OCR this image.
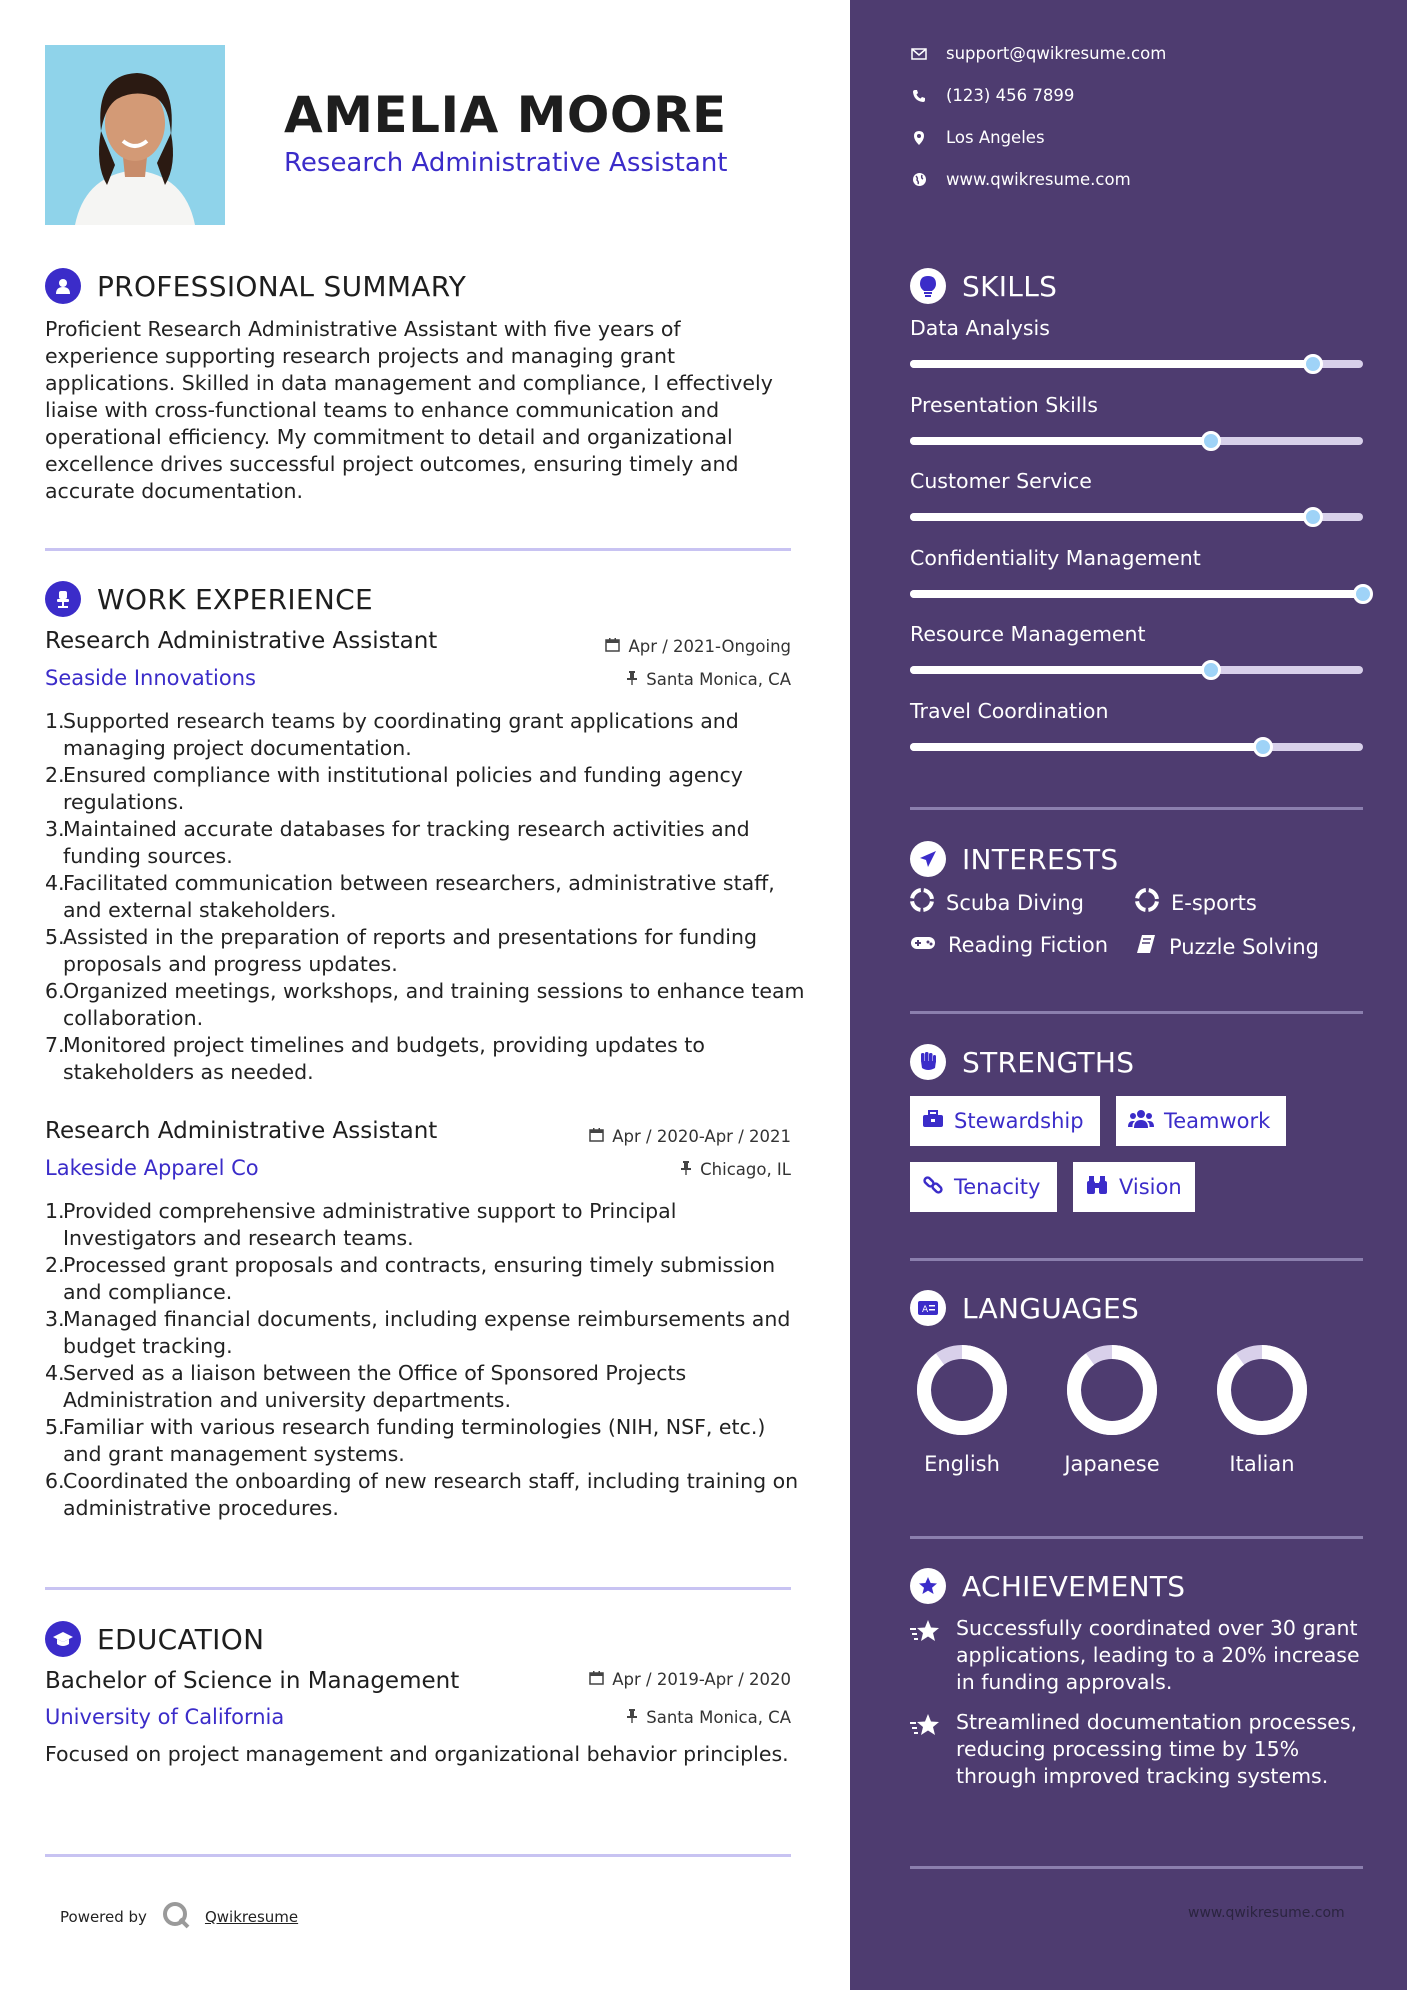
AMELIA MOORE
Research Administrative Assistant
PROFESSIONAL SUMMARY
Proficient Research Administrative Assistant with five years of experience supporting research projects and managing grant applications. Skilled in data management and compliance, I effectively liaise with cross-functional teams to enhance communication and operational efficiency. My commitment to detail and organizational excellence drives successful project outcomes, ensuring timely and accurate documentation.
WORK EXPERIENCE
Research Administrative Assistant	Apr / 2021-Ongoing
Seaside Innovations	Santa Monica, CA
1.
Supported research teams by coordinating grant applications and managing project documentation.
2.
Ensured compliance with institutional policies and funding agency regulations.
3.
Maintained accurate databases for tracking research activities and funding sources.
4.
Facilitated communication between researchers, administrative staff, and external stakeholders.
5.
Assisted in the preparation of reports and presentations for funding proposals and progress updates.
6.
Organized meetings, workshops, and training sessions to enhance team collaboration.
7.
Monitored project timelines and budgets, providing updates to stakeholders as needed.
Research Administrative Assistant	Apr / 2020-Apr / 2021
Lakeside Apparel Co	Chicago, IL
1.
Provided comprehensive administrative support to Principal Investigators and research teams.
2.
Processed grant proposals and contracts, ensuring timely submission and compliance.
3.
Managed financial documents, including expense reimbursements and budget tracking.
4.
Served as a liaison between the Office of Sponsored Projects Administration and university departments.
5.
Familiar with various research funding terminologies (NIH, NSF, etc.) and grant management systems.
6.
Coordinated the onboarding of new research staff, including training on administrative procedures.
EDUCATION
Bachelor of Science in Management	Apr / 2019-Apr / 2020
University of California	Santa Monica, CA
Focused on project management and organizational behavior principles.
Powered by	Qwikresume
support@qwikresume.com
(123) 456 7899
Los Angeles
www.qwikresume.com
SKILLS
Data Analysis
Presentation Skills
Customer Service
Confidentiality Management
Resource Management
Travel Coordination
INTERESTS
Scuba Diving	E-sports
Reading Fiction	Puzzle Solving
STRENGTHS
Stewardship	Teamwork
Tenacity	Vision
A LANGUAGES
English	Japanese	Italian
ACHIEVEMENTS
Successfully coordinated over 30 grant applications, leading to a 20% increase in funding approvals.
Streamlined documentation processes, reducing processing time by 15% through improved tracking systems.
www.qwikresume.com
